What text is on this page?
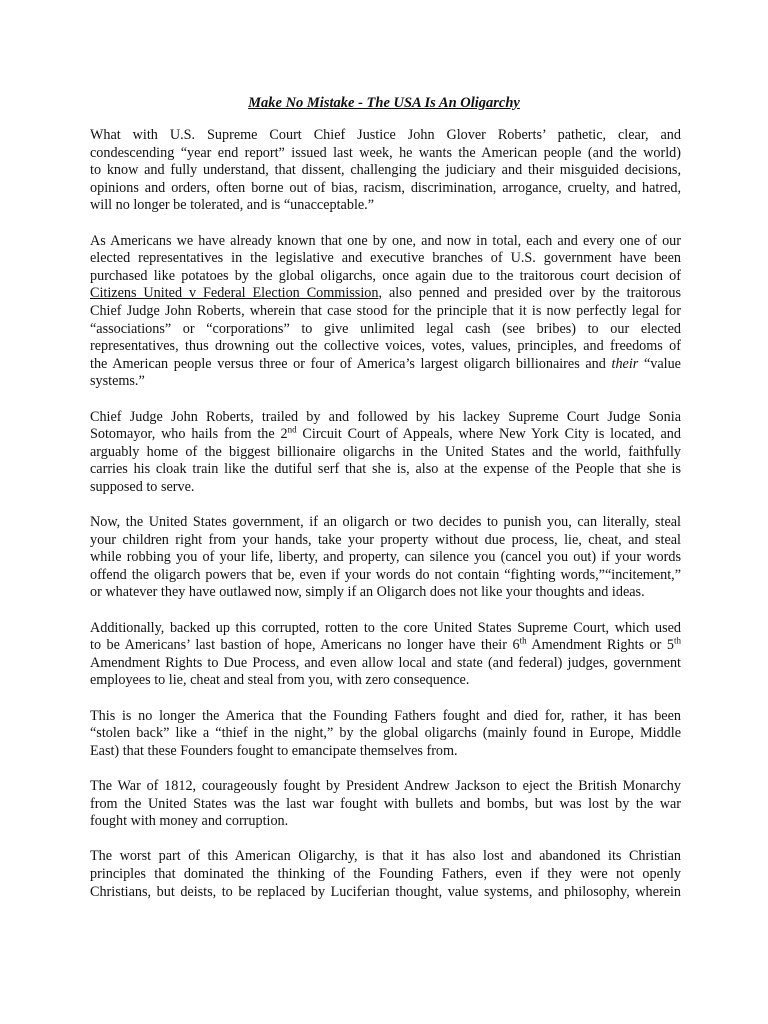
Make No Mistake - The USA Is An Oligarchy
What with U.S. Supreme Court Chief Justice John Glover Roberts’ pathetic, clear, and
condescending “year end report” issued last week, he wants the American people (and the world)
to know and fully understand, that dissent, challenging the judiciary and their misguided decisions,
opinions and orders, often borne out of bias, racism, discrimination, arrogance, cruelty, and hatred,
will no longer be tolerated, and is “unacceptable.”
As Americans we have already known that one by one, and now in total, each and every one of our
elected representatives in the legislative and executive branches of U.S. government have been
purchased like potatoes by the global oligarchs, once again due to the traitorous court decision of
Citizens United v Federal Election Commission, also penned and presided over by the traitorous
Chief Judge John Roberts, wherein that case stood for the principle that it is now perfectly legal for
“associations” or “corporations” to give unlimited legal cash (see bribes) to our elected
representatives, thus drowning out the collective voices, votes, values, principles, and freedoms of
the American people versus three or four of America’s largest oligarch billionaires and their “value
systems.”
Chief Judge John Roberts, trailed by and followed by his lackey Supreme Court Judge Sonia
Sotomayor, who hails from the 2nd Circuit Court of Appeals, where New York City is located, and
arguably home of the biggest billionaire oligarchs in the United States and the world, faithfully
carries his cloak train like the dutiful serf that she is, also at the expense of the People that she is
supposed to serve.
Now, the United States government, if an oligarch or two decides to punish you, can literally, steal
your children right from your hands, take your property without due process, lie, cheat, and steal
while robbing you of your life, liberty, and property, can silence you (cancel you out) if your words
offend the oligarch powers that be, even if your words do not contain “fighting words,”“incitement,”
or whatever they have outlawed now, simply if an Oligarch does not like your thoughts and ideas.
Additionally, backed up this corrupted, rotten to the core United States Supreme Court, which used
to be Americans’ last bastion of hope, Americans no longer have their 6th Amendment Rights or 5th
Amendment Rights to Due Process, and even allow local and state (and federal) judges, government
employees to lie, cheat and steal from you, with zero consequence.
This is no longer the America that the Founding Fathers fought and died for, rather, it has been
“stolen back” like a “thief in the night,” by the global oligarchs (mainly found in Europe, Middle
East) that these Founders fought to emancipate themselves from.
The War of 1812, courageously fought by President Andrew Jackson to eject the British Monarchy
from the United States was the last war fought with bullets and bombs, but was lost by the war
fought with money and corruption.
The worst part of this American Oligarchy, is that it has also lost and abandoned its Christian
principles that dominated the thinking of the Founding Fathers, even if they were not openly
Christians, but deists, to be replaced by Luciferian thought, value systems, and philosophy, wherein
